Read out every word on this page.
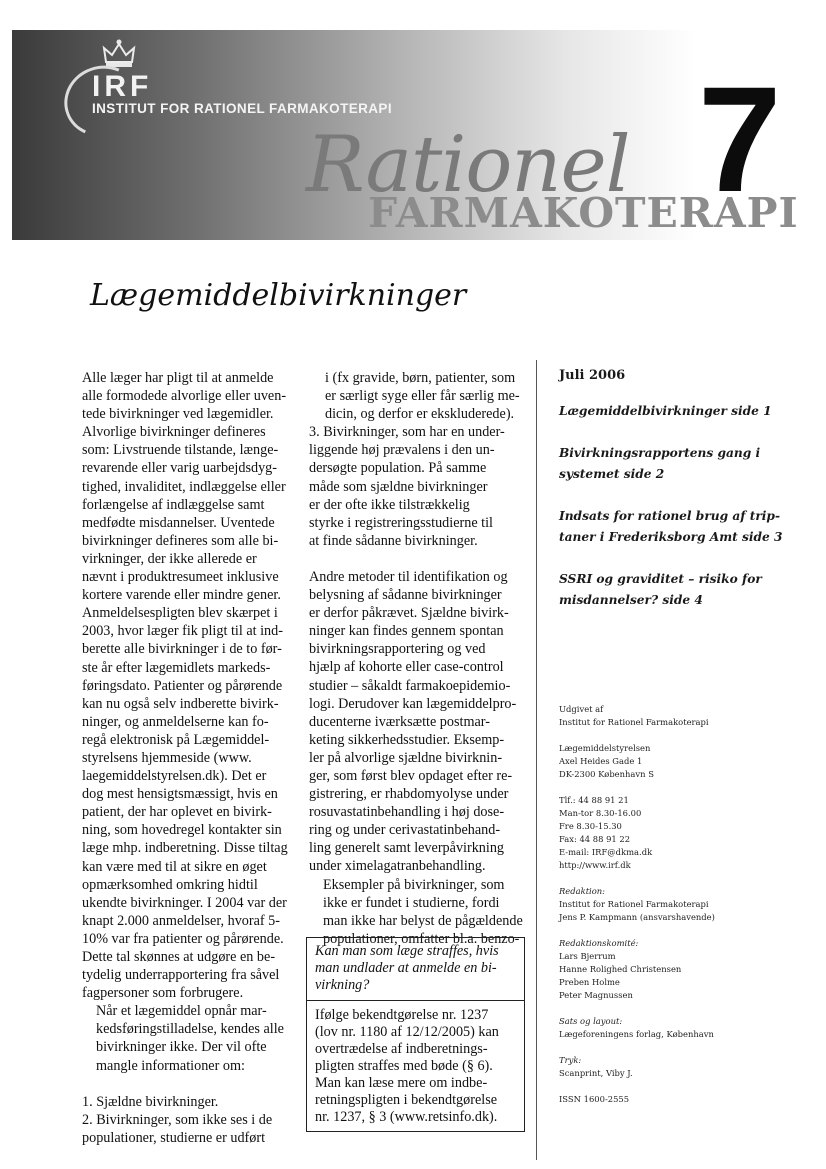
IRF
INSTITUT FOR RATIONEL FARMAKOTERAPI
Rationel
FARMAKOTERAPI
7
Lægemiddelbivirkninger

Alle læger har pligt til at anmelde
alle formodede alvorlige eller uven-
tede bivirkninger ved lægemidler.
Alvorlige bivirkninger defineres
som: Livstruende tilstande, længe-
revarende eller varig uarbejdsdyg-
tighed, invaliditet, indlæggelse eller
forlængelse af indlæggelse samt
medfødte misdannelser. Uventede
bivirkninger defineres som alle bi-
virkninger, der ikke allerede er
nævnt i produktresumeet inklusive
kortere varende eller mindre gener.
Anmeldelsespligten blev skærpet i
2003, hvor læger fik pligt til at ind-
berette alle bivirkninger i de to før-
ste år efter lægemidlets markeds-
føringsdato. Patienter og pårørende
kan nu også selv indberette bivirk-
ninger, og anmeldelserne kan fo-
regå elektronisk på Lægemiddel-
styrelsens hjemmeside (www.
laegemiddelstyrelsen.dk). Det er
dog mest hensigtsmæssigt, hvis en
patient, der har oplevet en bivirk-
ning, som hovedregel kontakter sin
læge mhp. indberetning. Disse tiltag
kan være med til at sikre en øget
opmærksomhed omkring hidtil
ukendte bivirkninger. I 2004 var der
knapt 2.000 anmeldelser, hvoraf 5-
10% var fra patienter og pårørende.
Dette tal skønnes at udgøre en be-
tydelig underrapportering fra såvel
fagpersoner som forbrugere.

Når et lægemiddel opnår mar-
kedsføringstilladelse, kendes alle
bivirkninger ikke. Der vil ofte
mangle informationer om:

1. Sjældne bivirkninger.
2. Bivirkninger, som ikke ses i de
populationer, studierne er udført

i (fx gravide, børn, patienter, som
er særligt syge eller får særlig me-
dicin, og derfor er ekskluderede).

3. Bivirkninger, som har en under-
liggende høj prævalens i den un-
dersøgte population. På samme
måde som sjældne bivirkninger
er der ofte ikke tilstrækkelig
styrke i registreringsstudierne til
at finde sådanne bivirkninger.

Andre metoder til identifikation og
belysning af sådanne bivirkninger
er derfor påkrævet. Sjældne bivirk-
ninger kan findes gennem spontan
bivirkningsrapportering og ved
hjælp af kohorte eller case-control
studier – såkaldt farmakoepidemio-
logi. Derudover kan lægemiddelpro-
ducenterne iværksætte postmar-
keting sikkerhedsstudier. Eksemp-
ler på alvorlige sjældne bivirknin-
ger, som først blev opdaget efter re-
gistrering, er rhabdomyolyse under
rosuvastatinbehandling i høj dose-
ring og under cerivastatinbehand-
ling generelt samt leverpåvirkning
under ximelagatranbehandling.

Eksempler på bivirkninger, som
ikke er fundet i studierne, fordi
man ikke har belyst de pågældende
populationer, omfatter bl.a. benzo-

Kan man som læge straffes, hvis
man undlader at anmelde en bi-
virkning?
Ifølge bekendtgørelse nr. 1237
(lov nr. 1180 af 12/12/2005) kan
overtrædelse af indberetnings-
pligten straffes med bøde (§ 6).
Man kan læse mere om indbe-
retningspligten i bekendtgørelse
nr. 1237, § 3 (www.retsinfo.dk).
Juli 2006
Lægemiddelbivirkninger side 1
Bivirkningsrapportens gang i
systemet side 2
Indsats for rationel brug af trip-
taner i Frederiksborg Amt side 3
SSRI og graviditet – risiko for
misdannelser? side 4
Udgivet af
Institut for Rationel Farmakoterapi
Lægemiddelstyrelsen
Axel Heides Gade 1
DK-2300 København S
Tlf.: 44 88 91 21
Man-tor 8.30-16.00
Fre 8.30-15.30
Fax: 44 88 91 22
E-mail: IRF@dkma.dk
http://www.irf.dk
Redaktion:
Institut for Rationel Farmakoterapi
Jens P. Kampmann (ansvarshavende)
Redaktionskomité:
Lars Bjerrum
Hanne Rolighed Christensen
Preben Holme
Peter Magnussen
Sats og layout:
Lægeforeningens forlag, København
Tryk:
Scanprint, Viby J.
ISSN 1600-2555
